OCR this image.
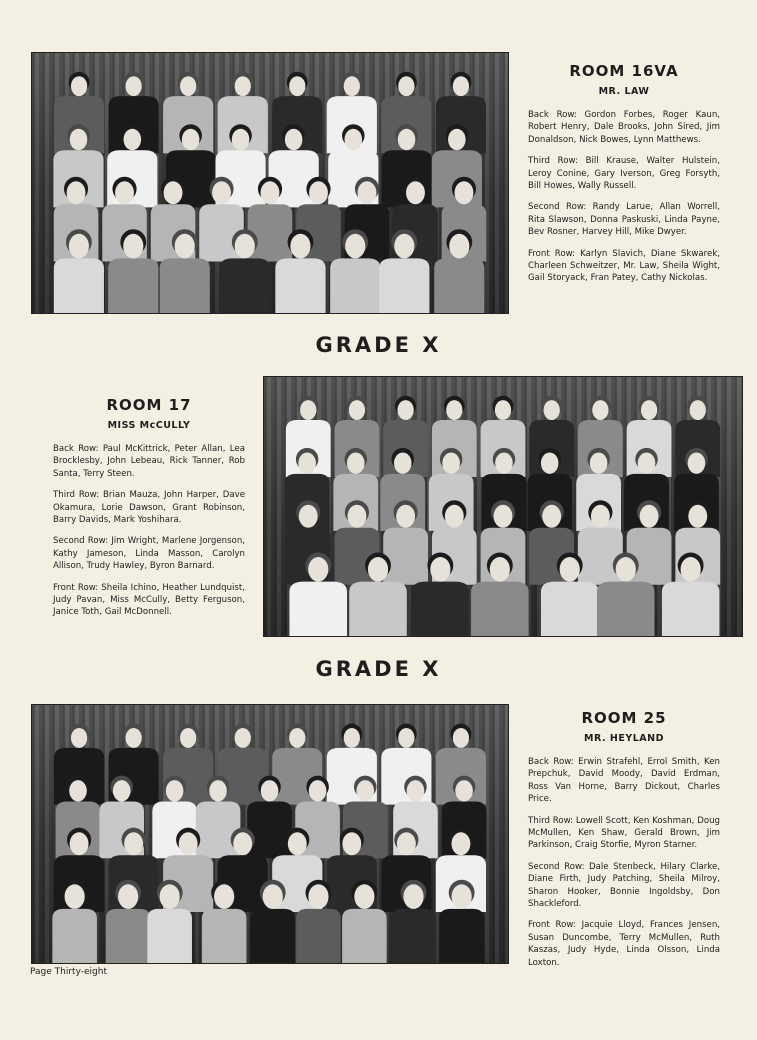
ROOM 16VA

MR. LAW

Back Row: Gordon Forbes, Roger Kaun, Robert Henry, Dale Brooks, John Sired, Jim Donaldson, Nick Bowes, Lynn Matthews.

Third Row: Bill Krause, Walter Hulstein, Leroy Conine, Gary Iverson, Greg Forsyth, Bill Howes, Wally Russell.

Second Row: Randy Larue, Allan Worrell, Rita Slawson, Donna Paskuski, Linda Payne, Bev Rosner, Harvey Hill, Mike Dwyer.

Front Row: Karlyn Slavich, Diane Skwarek, Charleen Schweitzer, Mr. Law, Sheila Wight, Gail Storyack, Fran Patey, Cathy Nickolas.

GRADE X

ROOM 17

MISS McCULLY

Back Row: Paul McKittrick, Peter Allan, Lea Brocklesby, John Lebeau, Rick Tanner, Rob Santa, Terry Steen.

Third Row: Brian Mauza, John Harper, Dave Okamura, Lorie Dawson, Grant Robinson, Barry Davids, Mark Yoshihara.

Second Row: Jim Wright, Marlene Jorgenson, Kathy Jameson, Linda Masson, Carolyn Allison, Trudy Hawley, Byron Barnard.

Front Row: Sheila Ichino, Heather Lundquist, Judy Pavan, Miss McCully, Betty Ferguson, Janice Toth, Gail McDonnell.

GRADE X

ROOM 25

MR. HEYLAND

Back Row: Erwin Strafehl, Errol Smith, Ken Prepchuk, David Moody, David Erdman, Ross Van Horne, Barry Dickout, Charles Price.

Third Row: Lowell Scott, Ken Koshman, Doug McMullen, Ken Shaw, Gerald Brown, Jim Parkinson, Craig Storfie, Myron Starner.

Second Row: Dale Stenbeck, Hilary Clarke, Diane Firth, Judy Patching, Sheila Milroy, Sharon Hooker, Bonnie Ingoldsby, Don Shackleford.

Front Row: Jacquie Lloyd, Frances Jensen, Susan Duncombe, Terry McMullen, Ruth Kaszas, Judy Hyde, Linda Olsson, Linda Loxton.

Page Thirty-eight
